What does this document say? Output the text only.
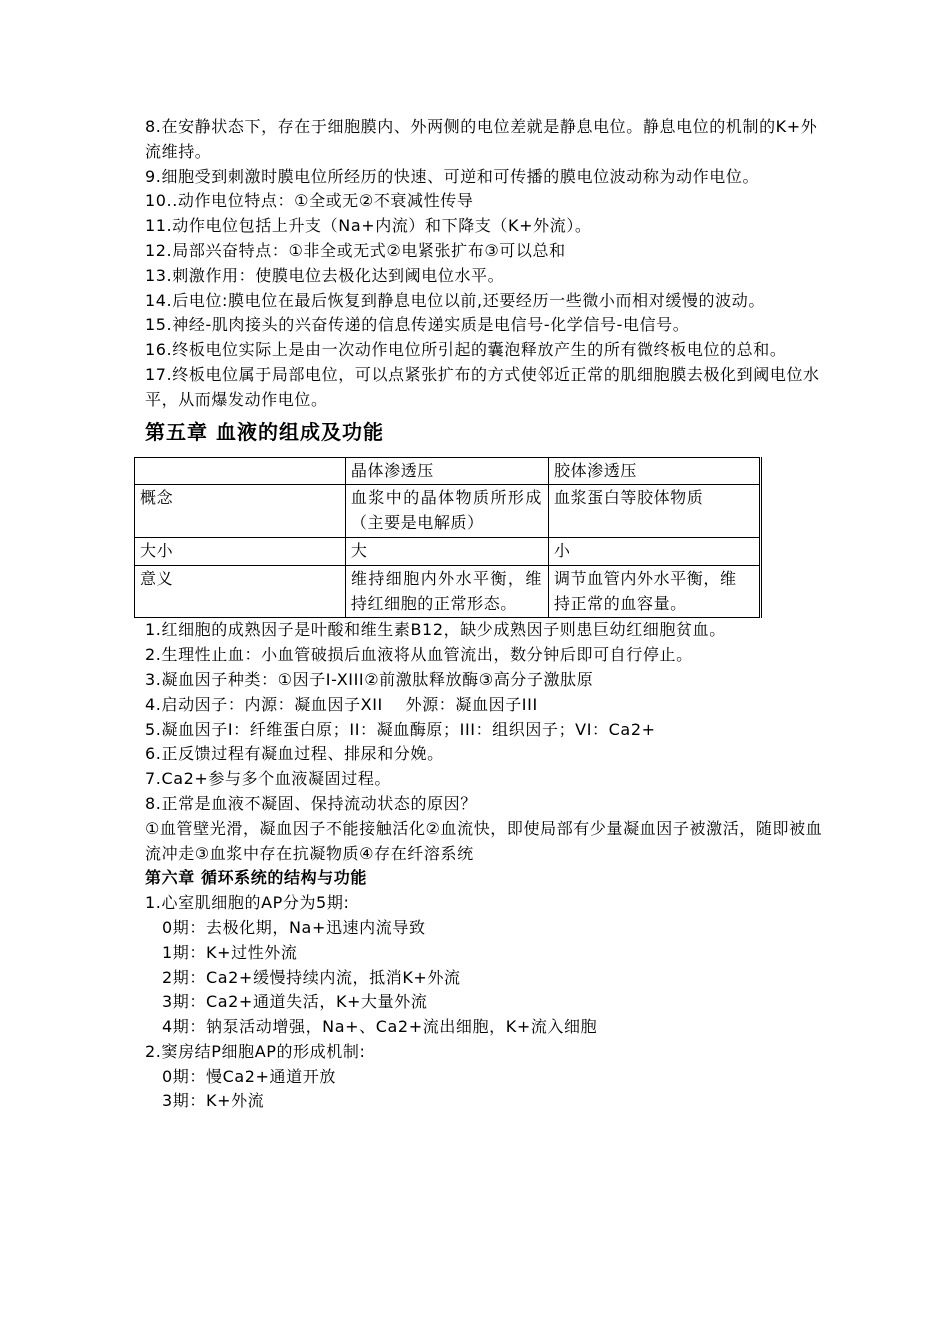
8.在安静状态下，存在于细胞膜内、外两侧的电位差就是静息电位。静息电位的机制的K+外流维持。

9.细胞受到刺激时膜电位所经历的快速、可逆和可传播的膜电位波动称为动作电位。

10..动作电位特点：①全或无②不衰减性传导

11.动作电位包括上升支（Na+内流）和下降支（K+外流）。

12.局部兴奋特点：①非全或无式②电紧张扩布③可以总和

13.刺激作用：使膜电位去极化达到阈电位水平。

14.后电位:膜电位在最后恢复到静息电位以前,还要经历一些微小而相对缓慢的波动。

15.神经-肌肉接头的兴奋传递的信息传递实质是电信号-化学信号-电信号。

16.终板电位实际上是由一次动作电位所引起的囊泡释放产生的所有微终板电位的总和。

17.终板电位属于局部电位，可以点紧张扩布的方式使邻近正常的肌细胞膜去极化到阈电位水平，从而爆发动作电位。

第五章 血液的组成及功能
	晶体渗透压	胶体渗透压
概念	血浆中的晶体物质所形成（主要是电解质）	血浆蛋白等胶体物质
大小	大	小
意义	维持细胞内外水平衡，维持红细胞的正常形态。	调节血管内外水平衡，维持正常的血容量。

1.红细胞的成熟因子是叶酸和维生素B12，缺少成熟因子则患巨幼红细胞贫血。

2.生理性止血：小血管破损后血液将从血管流出，数分钟后即可自行停止。

3.凝血因子种类：①因子Ⅰ-XIII②前激肽释放酶③高分子激肽原

4.启动因子：内源：凝血因子XII    外源：凝血因子III

5.凝血因子I：纤维蛋白原；II：凝血酶原；III：组织因子；VI：Ca2+

6.正反馈过程有凝血过程、排尿和分娩。

7.Ca2+参与多个血液凝固过程。

8.正常是血液不凝固、保持流动状态的原因？

①血管壁光滑，凝血因子不能接触活化②血流快，即使局部有少量凝血因子被激活，随即被血流冲走③血浆中存在抗凝物质④存在纤溶系统

第六章 循环系统的结构与功能

1.心室肌细胞的AP分为5期:

0期：去极化期，Na+迅速内流导致

1期：K+过性外流

2期：Ca2+缓慢持续内流，抵消K+外流

3期：Ca2+通道失活，K+大量外流

4期：钠泵活动增强，Na+、Ca2+流出细胞，K+流入细胞

2.窦房结P细胞AP的形成机制:

0期：慢Ca2+通道开放

3期：K+外流
